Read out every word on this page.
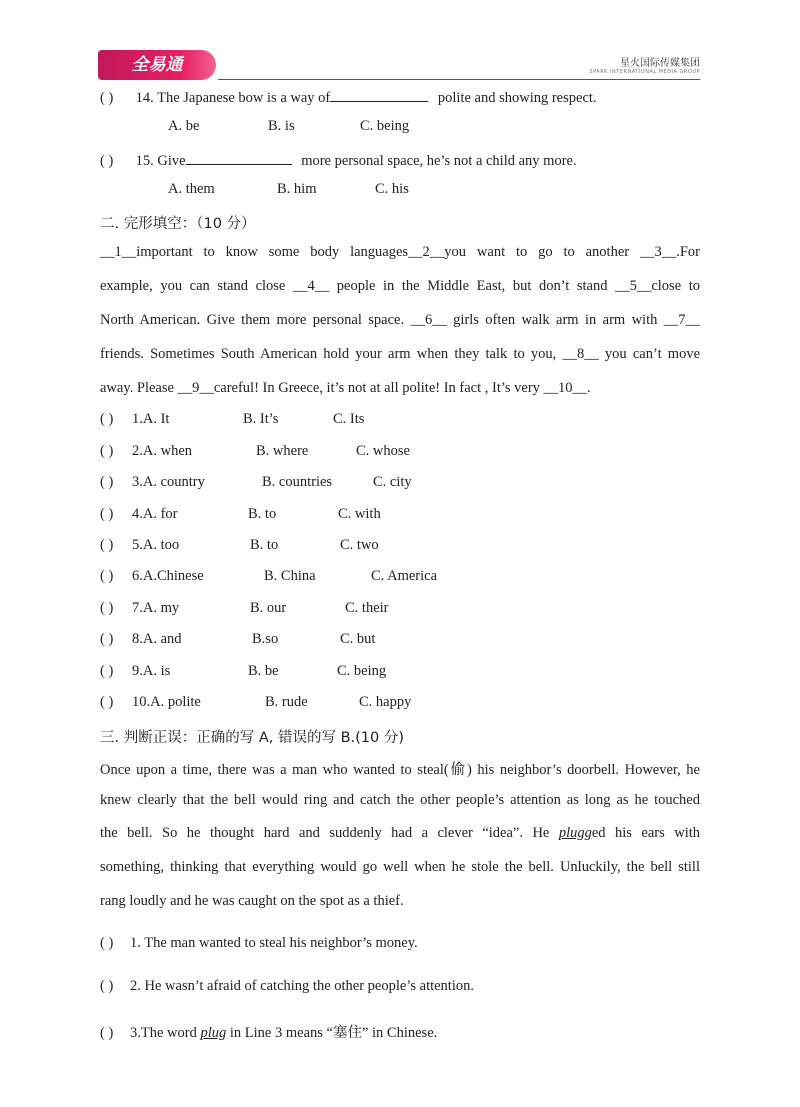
全易通	星火国际传媒集团
SPARK INTERNATIONAL MEDIA GROUP
( ) 14. The Japanese bow is a way of	polite and showing respect.
A. be	B. is	C. being
( ) 15. Give	more personal space, he’s not a child any more.
A. them	B. him	C. his
二. 完形填空：（10 分）
__1__important to know some body languages__2__you want to go to another __3__.For
example, you can stand close __4__ people in the Middle East, but don’t stand __5__close to
North American. Give them more personal space. __6__ girls often walk arm in arm with __7__
friends. Sometimes South American hold your arm when they talk to you, __8__ you can’t move
away. Please __9__careful! In Greece, it’s not at all polite! In fact , It’s very __10__.
( ) 1.A. It	B. It’s	C. Its
( ) 2.A. when	B. where	C. whose
( ) 3.A. country	B. countries	C. city
( ) 4.A. for	B. to	C. with
( ) 5.A. too	B. to	C. two
( ) 6.A.Chinese	B. China	C. America
( ) 7.A. my	B. our	C. their
( ) 8.A. and	B.so	C. but
( ) 9.A. is	B. be	C. being
( ) 10.A. polite	B. rude	C. happy
三. 判断正误：正确的写 A, 错误的写 B.(10 分)
Once upon a time, there was a man who wanted to steal(偷) his neighbor’s doorbell. However, he
knew clearly that the bell would ring and catch the other people’s attention as long as he touched
the bell. So he thought hard and suddenly had a clever “idea”. He plugged his ears with
something, thinking that everything would go well when he stole the bell. Unluckily, the bell still
rang loudly and he was caught on the spot as a thief.
( ) 1. The man wanted to steal his neighbor’s money.
( ) 2. He wasn’t afraid of catching the other people’s attention.
( ) 3.The word plug in Line 3 means “塞住” in Chinese.
